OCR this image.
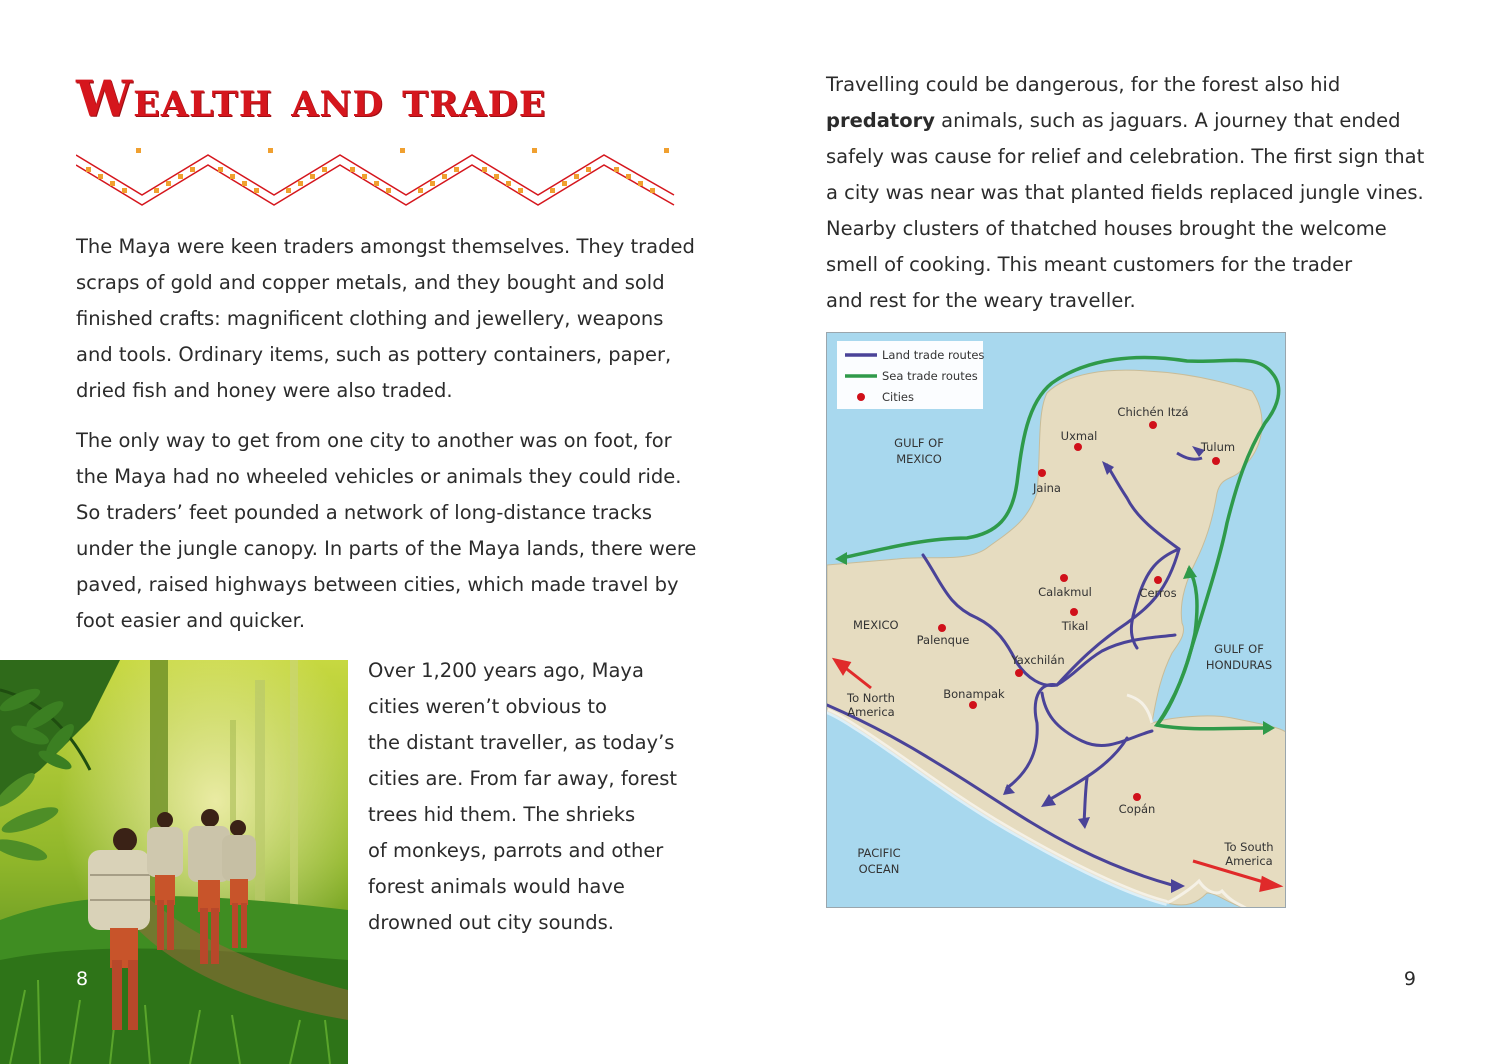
Wealth and trade

The Maya were keen traders amongst themselves. They traded
scraps of gold and copper metals, and they bought and sold
finished crafts: magnificent clothing and jewellery, weapons
and tools. Ordinary items, such as pottery containers, paper,
dried fish and honey were also traded.

The only way to get from one city to another was on foot, for
the Maya had no wheeled vehicles or animals they could ride.
So traders’ feet pounded a network of long-distance tracks
under the jungle canopy. In parts of the Maya lands, there were
paved, raised highways between cities, which made travel by
foot easier and quicker.

Over 1,200 years ago, Maya
cities weren’t obvious to
the distant traveller, as today’s
cities are. From far away, forest
trees hid them. The shrieks
of monkeys, parrots and other
forest animals would have
drowned out city sounds.

8

Travelling could be dangerous, for the forest also hid
predatory animals, such as jaguars. A journey that ended
safely was cause for relief and celebration. The first sign that
a city was near was that planted fields replaced jungle vines.
Nearby clusters of thatched houses brought the welcome
smell of cooking. This meant customers for the trader
and rest for the weary traveller.

Land trade routes
Sea trade routes
Cities
GULF OF
MEXICO
MEXICO
GULF OF
HONDURAS
PACIFIC
OCEAN
To North
America
To South
America
Chichén Itzá
Uxmal
Tulum
Jaina
Calakmul	Cerros
Tikal
Palenque
Yaxchilán
Bonampak
Copán
9
